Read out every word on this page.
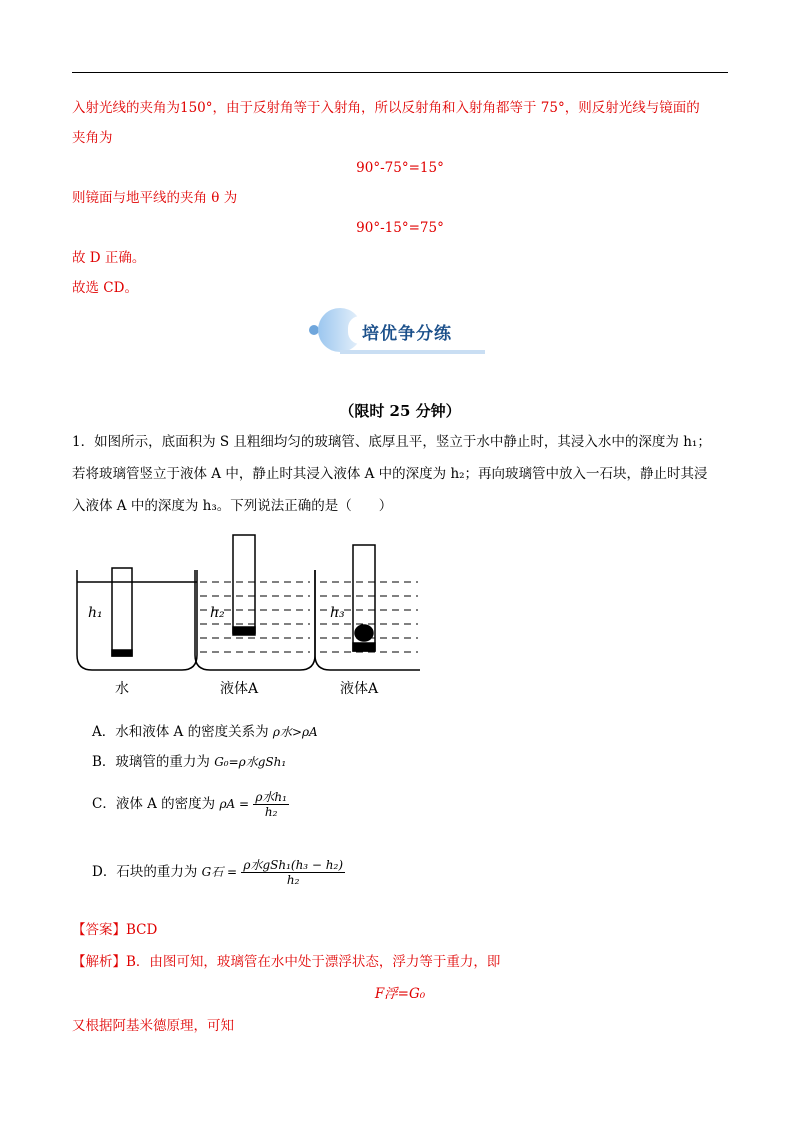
入射光线的夹角为150°，由于反射角等于入射角，所以反射角和入射角都等于 75°，则反射光线与镜面的
夹角为
90°-75°=15°
则镜面与地平线的夹角 θ 为
90°-15°=75°
故 D 正确。
故选 CD。
培优争分练
（限时 25 分钟）
1．如图所示，底面积为 S 且粗细均匀的玻璃管、底厚且平，竖立于水中静止时，其浸入水中的深度为 h₁；
若将玻璃管竖立于液体 A 中，静止时其浸入液体 A 中的深度为 h₂；再向玻璃管中放入一石块，静止时其浸
入液体 A 中的深度为 h₃。下列说法正确的是（　　）
h₁	h₂	h₃
水	液体A	液体A
A．水和液体 A 的密度关系为 ρ水>ρA
B．玻璃管的重力为 G₀=ρ水gSh₁
C．液体 A 的密度为 $\rho A = \frac{\text{ρ水h₁}}{\text{h₂}}$
D．石块的重力为 G石 = $\frac{\text{ρ水gSh₁(h₃ − h₂)}}{\text{h₂}}$
【答案】BCD
【解析】B．由图可知，玻璃管在水中处于漂浮状态，浮力等于重力，即
F浮=G₀
又根据阿基米德原理，可知
